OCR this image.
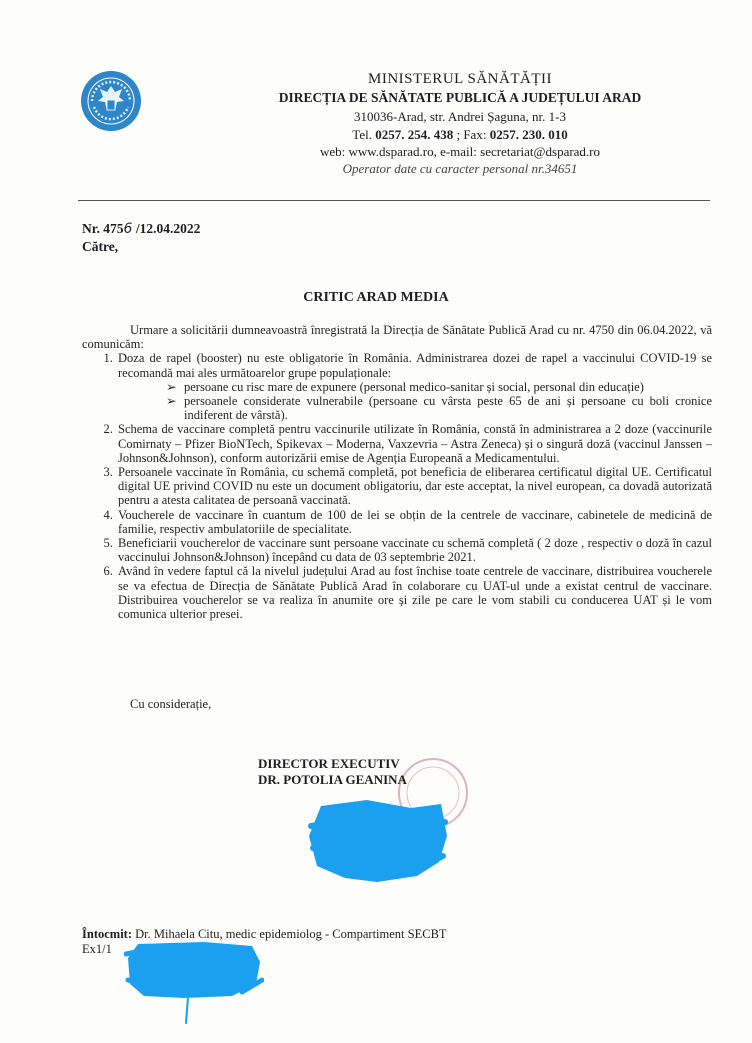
MINISTERUL SĂNĂTĂȚII
DIRECȚIA DE SĂNĂTATE PUBLICĂ A JUDEȚULUI ARAD
310036-Arad, str. Andrei Șaguna, nr. 1-3
Tel. 0257. 254. 438 ; Fax: 0257. 230. 010
web: www.dsparad.ro, e-mail: secretariat@dsparad.ro
Operator date cu caracter personal nr.34651
Nr. 4756 /12.04.2022
Către,
CRITIC ARAD MEDIA

Urmare a solicitării dumneavoastră înregistrată la Direcția de Sănătate Publică Arad cu nr. 4750 din 06.04.2022, vă comunicăm:

1. Doza de rapel (booster) nu este obligatorie în România. Administrarea dozei de rapel a vaccinului COVID-19 se recomandă mai ales următoarelor grupe populaționale:
➢ persoane cu risc mare de expunere (personal medico-sanitar și social, personal din educație)
➢ persoanele considerate vulnerabile (persoane cu vârsta peste 65 de ani și persoane cu boli cronice indiferent de vârstă).
2. Schema de vaccinare completă pentru vaccinurile utilizate în România, constă în administrarea a 2 doze (vaccinurile Comirnaty – Pfizer BioNTech, Spikevax – Moderna, Vaxzevria – Astra Zeneca) și o singură doză (vaccinul Janssen – Johnson&Johnson), conform autorizării emise de Agenția Europeană a Medicamentului.
3. Persoanele vaccinate în România, cu schemă completă, pot beneficia de eliberarea certificatul digital UE. Certificatul digital UE privind COVID nu este un document obligatoriu, dar este acceptat, la nivel european, ca dovadă autorizată pentru a atesta calitatea de persoană vaccinată.
4. Voucherele de vaccinare în cuantum de 100 de lei se obțin de la centrele de vaccinare, cabinetele de medicină de familie, respectiv ambulatoriile de specialitate.
5. Beneficiarii voucherelor de vaccinare sunt persoane vaccinate cu schemă completă ( 2 doze , respectiv o doză în cazul vaccinului Johnson&Johnson) începând cu data de 03 septembrie 2021.
6. Având în vedere faptul că la nivelul județului Arad au fost închise toate centrele de vaccinare, distribuirea voucherele se va efectua de Direcția de Sănătate Publică Arad în colaborare cu UAT-ul unde a existat centrul de vaccinare. Distribuirea voucherelor se va realiza în anumite ore și zile pe care le vom stabili cu conducerea UAT și le vom comunica ulterior presei.
Cu considerație,
DIRECTOR EXECUTIV
DR. POTOLIA GEANINA
Întocmit: Dr. Mihaela Citu, medic epidemiolog - Compartiment SECBT
Ex1/1
